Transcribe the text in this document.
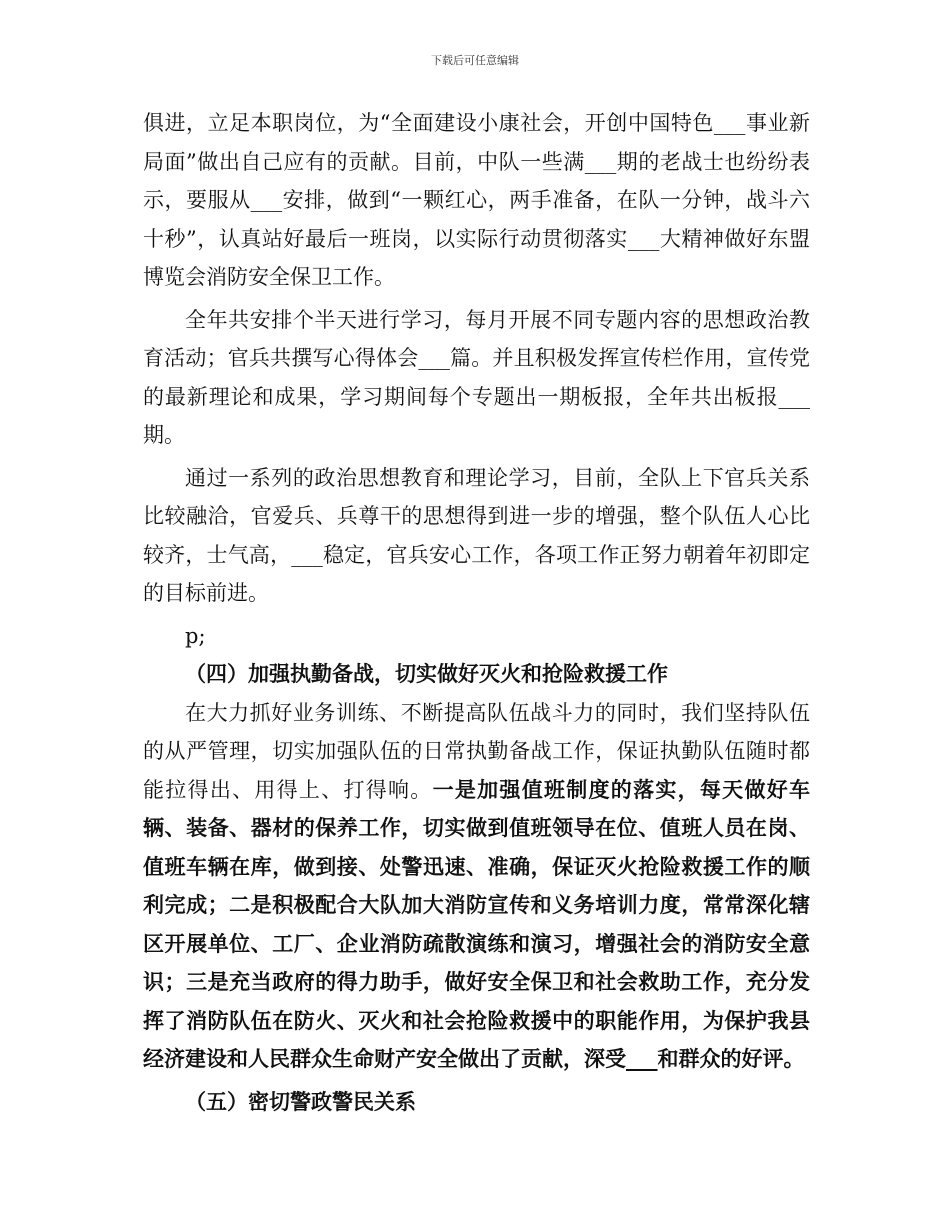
下载后可任意编辑

俱进，立足本职岗位，为“全面建设小康社会，开创中国特色___事业新局面”做出自己应有的贡献。目前，中队一些满___期的老战士也纷纷表示，要服从___安排，做到“一颗红心，两手准备，在队一分钟，战斗六十秒”，认真站好最后一班岗，以实际行动贯彻落实___大精神做好东盟博览会消防安全保卫工作。

全年共安排个半天进行学习，每月开展不同专题内容的思想政治教育活动；官兵共撰写心得体会___篇。并且积极发挥宣传栏作用，宣传党的最新理论和成果，学习期间每个专题出一期板报，全年共出板报___期。

通过一系列的政治思想教育和理论学习，目前，全队上下官兵关系比较融洽，官爱兵、兵尊干的思想得到进一步的增强，整个队伍人心比较齐，士气高，___稳定，官兵安心工作，各项工作正努力朝着年初即定的目标前进。

p;

（四）加强执勤备战，切实做好灭火和抢险救援工作

在大力抓好业务训练、不断提高队伍战斗力的同时，我们坚持队伍的从严管理，切实加强队伍的日常执勤备战工作，保证执勤队伍随时都能拉得出、用得上、打得响。一是加强值班制度的落实，每天做好车辆、装备、器材的保养工作，切实做到值班领导在位、值班人员在岗、值班车辆在库，做到接、处警迅速、准确，保证灭火抢险救援工作的顺利完成；二是积极配合大队加大消防宣传和义务培训力度，常常深化辖区开展单位、工厂、企业消防疏散演练和演习，增强社会的消防安全意识；三是充当政府的得力助手，做好安全保卫和社会救助工作，充分发挥了消防队伍在防火、灭火和社会抢险救援中的职能作用，为保护我县经济建设和人民群众生命财产安全做出了贡献，深受___和群众的好评。

（五）密切警政警民关系
